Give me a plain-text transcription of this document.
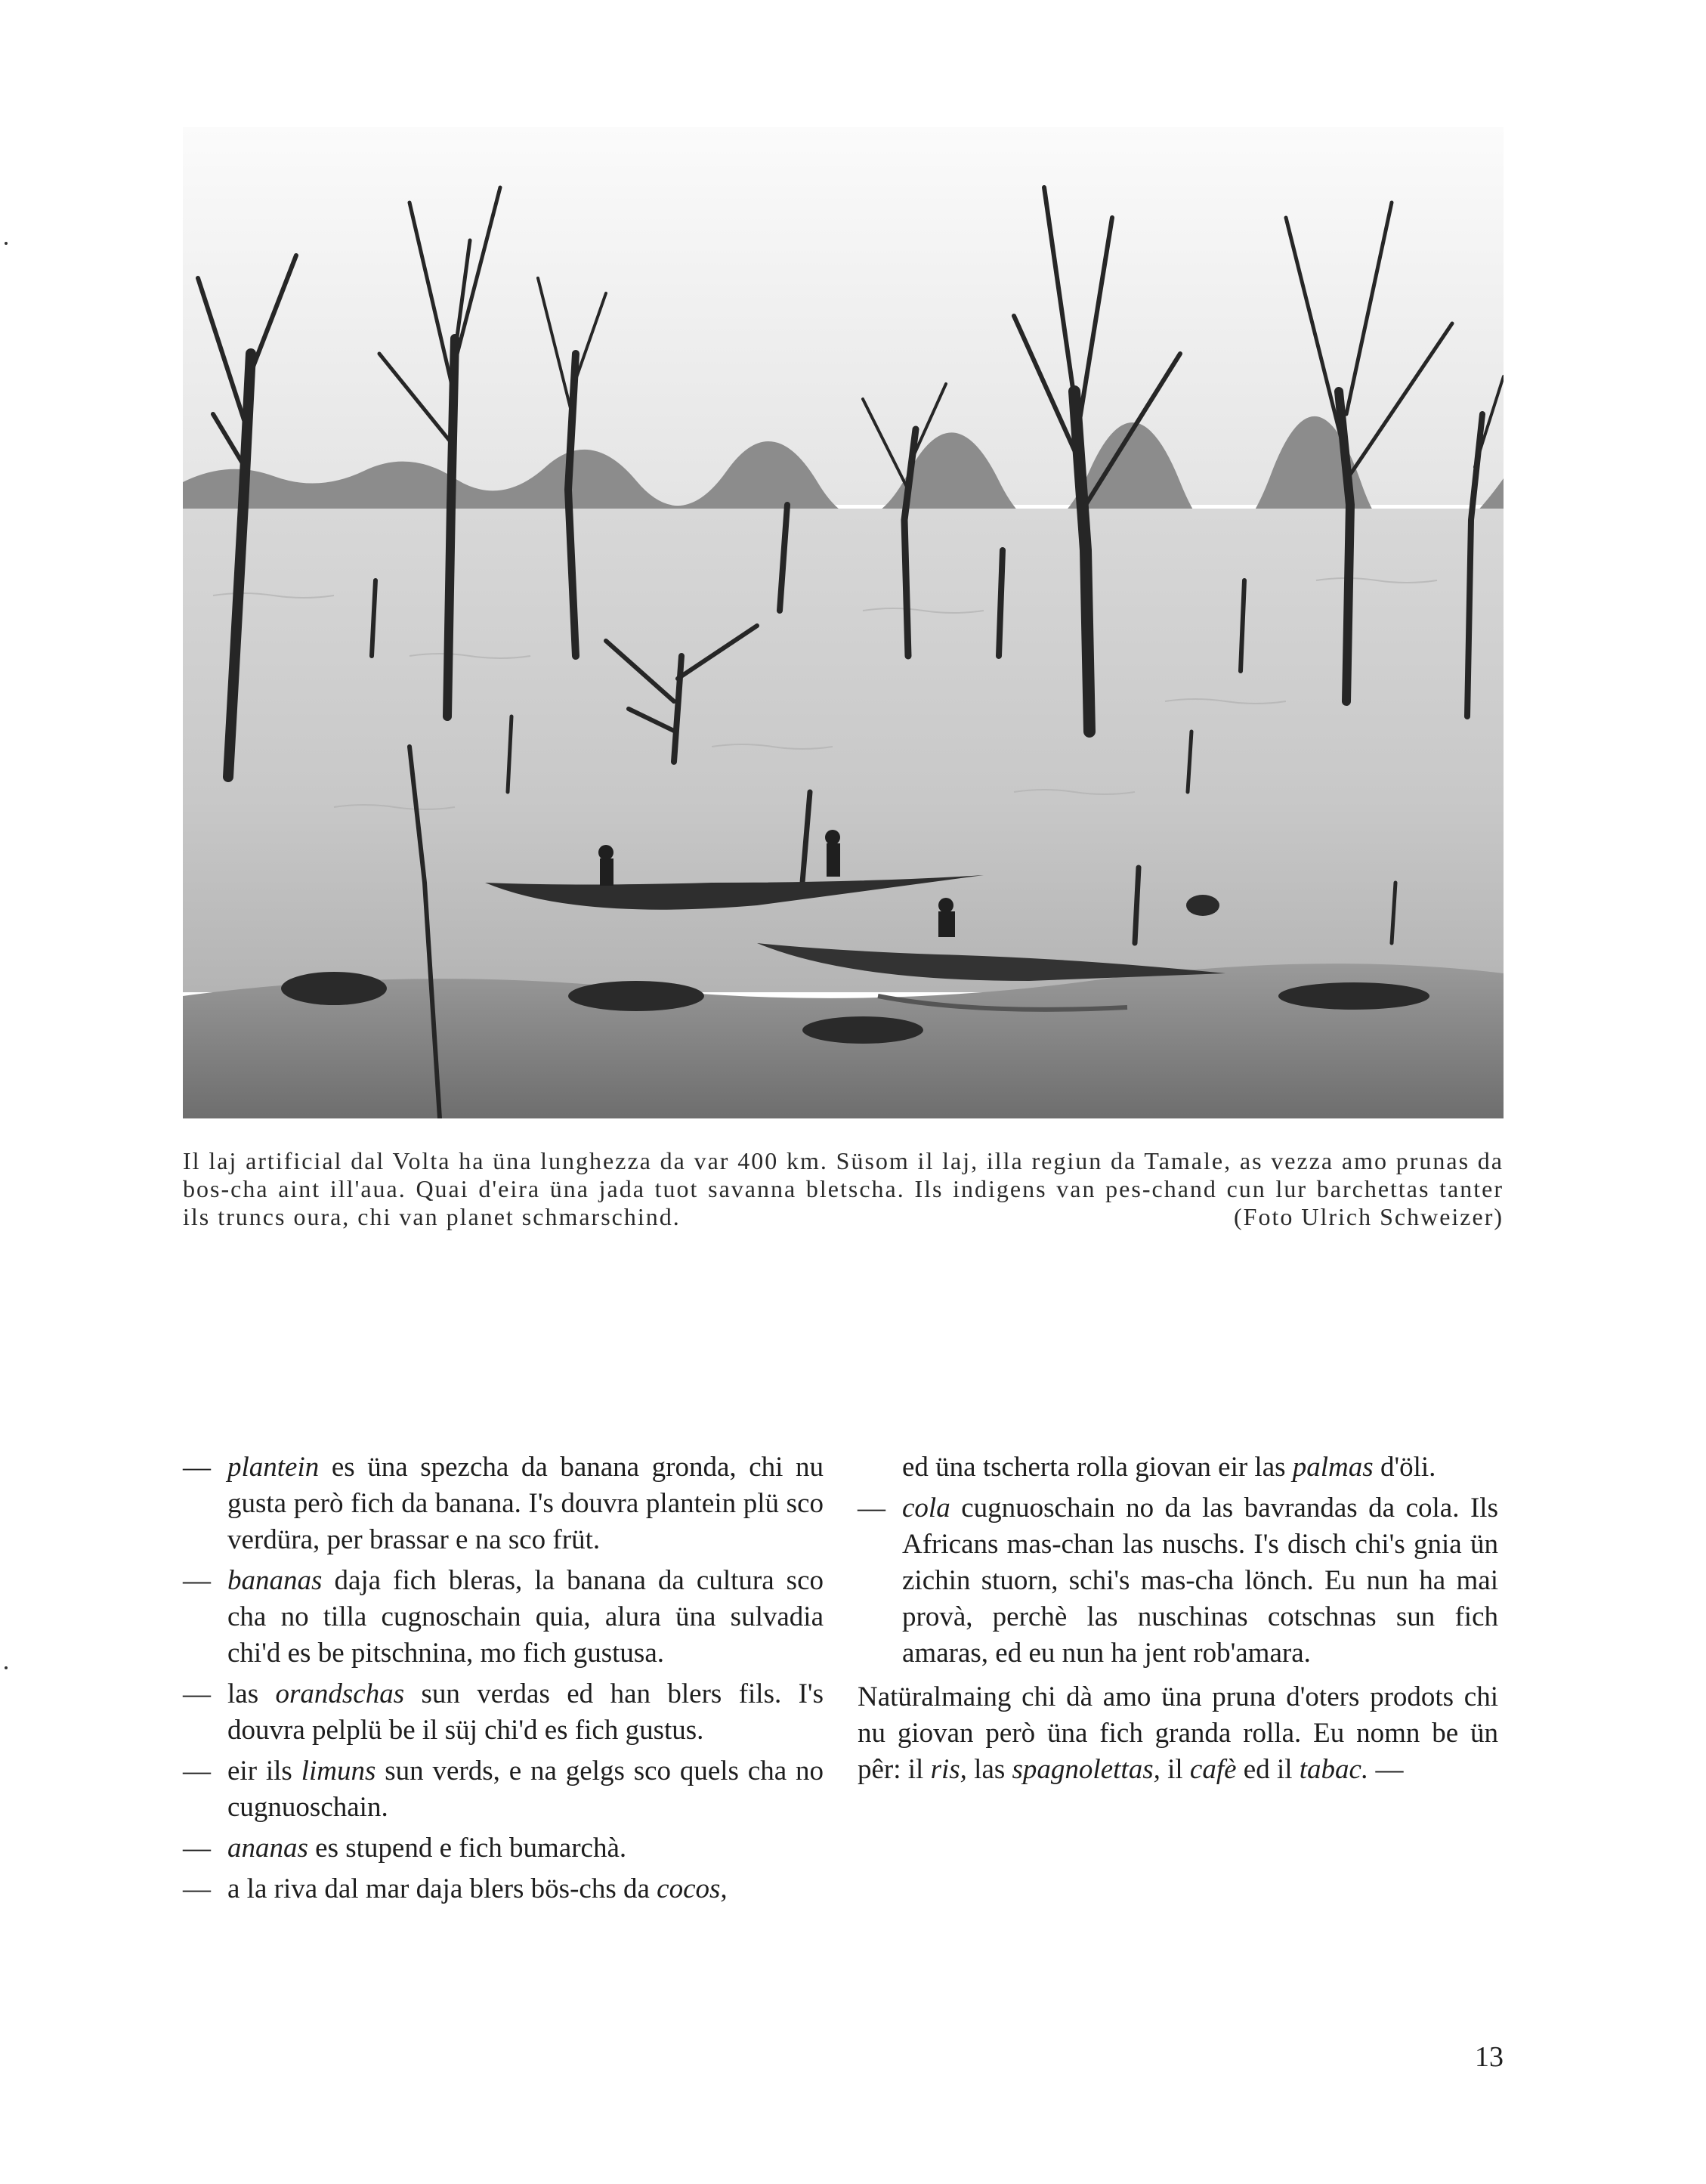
Il laj artificial dal Volta ha üna lunghezza da var 400 km. Süsom il laj, illa regiun da Tamale, as vezza amo prunas da bos-cha aint ill'aua. Quai d'eira üna jada tuot savanna bletscha. Ils indigens van pes-chand cun lur barchettas tanter ils truncs oura, chi van planet schmarschind.	(Foto Ulrich Schweizer)
— plantein es üna spezcha da banana gronda, chi nu gusta però fich da banana. I's douvra plantein plü sco verdüra, per brassar e na sco früt.
— bananas daja fich bleras, la banana da cultura sco cha no tilla cugnoschain quia, alura üna sulvadia chi'd es be pitschnina, mo fich gustusa.
— las orandschas sun verdas ed han blers fils. I's douvra pelplü be il süj chi'd es fich gustus.
— eir ils limuns sun verds, e na gelgs sco quels cha no cugnuoschain.
— ananas es stupend e fich bumarchà.
— a la riva dal mar daja blers bös-chs da cocos,
ed üna tscherta rolla giovan eir las palmas d'öli.
— cola cugnuoschain no da las bavrandas da cola. Ils Africans mas-chan las nuschs. I's disch chi's gnia ün zichin stuorn, schi's mas-cha lönch. Eu nun ha mai provà, perchè las nuschinas cotschnas sun fich amaras, ed eu nun ha jent rob'amara.
Natüralmaing chi dà amo üna pruna d'oters prodots chi nu giovan però üna fich granda rolla. Eu nomn be ün pêr: il ris, las spagnolettas, il cafè ed il tabac. —
13
